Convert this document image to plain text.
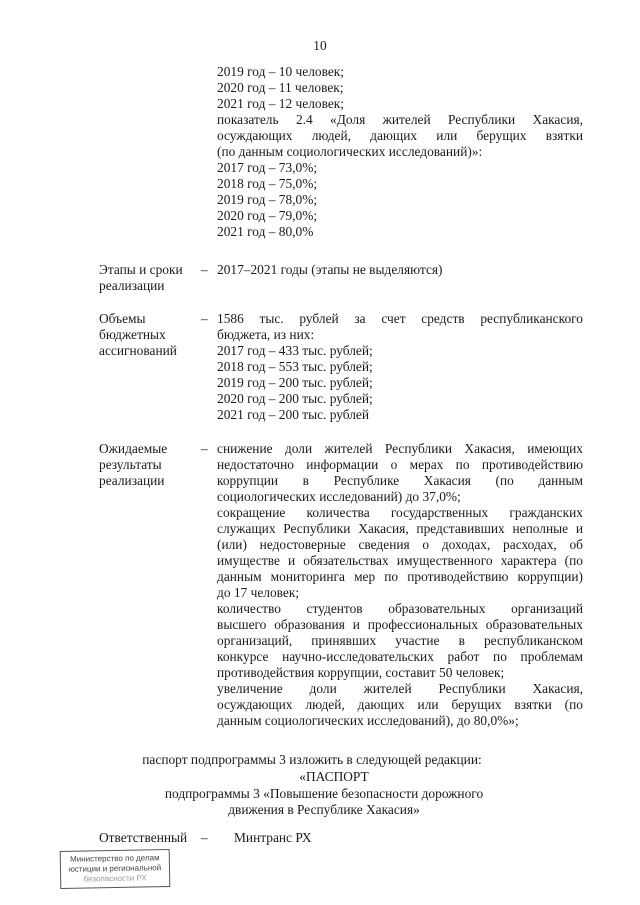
10
2019 год – 10 человек;
2020 год – 11 человек;
2021 год – 12 человек;
показатель 2.4 «Доля жителей Республики Хакасия,
осуждающих людей, дающих или берущих взятки
(по данным социологических исследований)»:
2017 год – 73,0%;
2018 год – 75,0%;
2019 год – 78,0%;
2020 год – 79,0%;
2021 год – 80,0%
Этапы и сроки
реализации
– 2017–2021 годы (этапы не выделяются)
Объемы
бюджетных
ассигнований
– 1586 тыс. рублей за счет средств республиканского
бюджета, из них:
2017 год – 433 тыс. рублей;
2018 год – 553 тыс. рублей;
2019 год – 200 тыс. рублей;
2020 год – 200 тыс. рублей;
2021 год – 200 тыс. рублей
Ожидаемые
результаты
реализации
– снижение доли жителей Республики Хакасия, имеющих
недостаточно информации о мерах по противодействию
коррупции в Республике Хакасия (по данным
социологических исследований) до 37,0%;
сокращение количества государственных гражданских
служащих Республики Хакасия, представивших неполные и
(или) недостоверные сведения о доходах, расходах, об
имуществе и обязательствах имущественного характера (по
данным мониторинга мер по противодействию коррупции)
до 17 человек;
количество студентов образовательных организаций
высшего образования и профессиональных образовательных
организаций, принявших участие в республиканском
конкурсе научно-исследовательских работ по проблемам
противодействия коррупции, составит 50 человек;
увеличение доли жителей Республики Хакасия,
осуждающих людей, дающих или берущих взятки (по
данным социологических исследований), до 80,0%»;
паспорт подпрограммы 3 изложить в следующей редакции:
«ПАСПОРТ
подпрограммы 3 «Повышение безопасности дорожного
движения в Республике Хакасия»
Ответственный	– Минтранс РХ
Министерство по делам
юстиции и региональной
безопасности РХ
